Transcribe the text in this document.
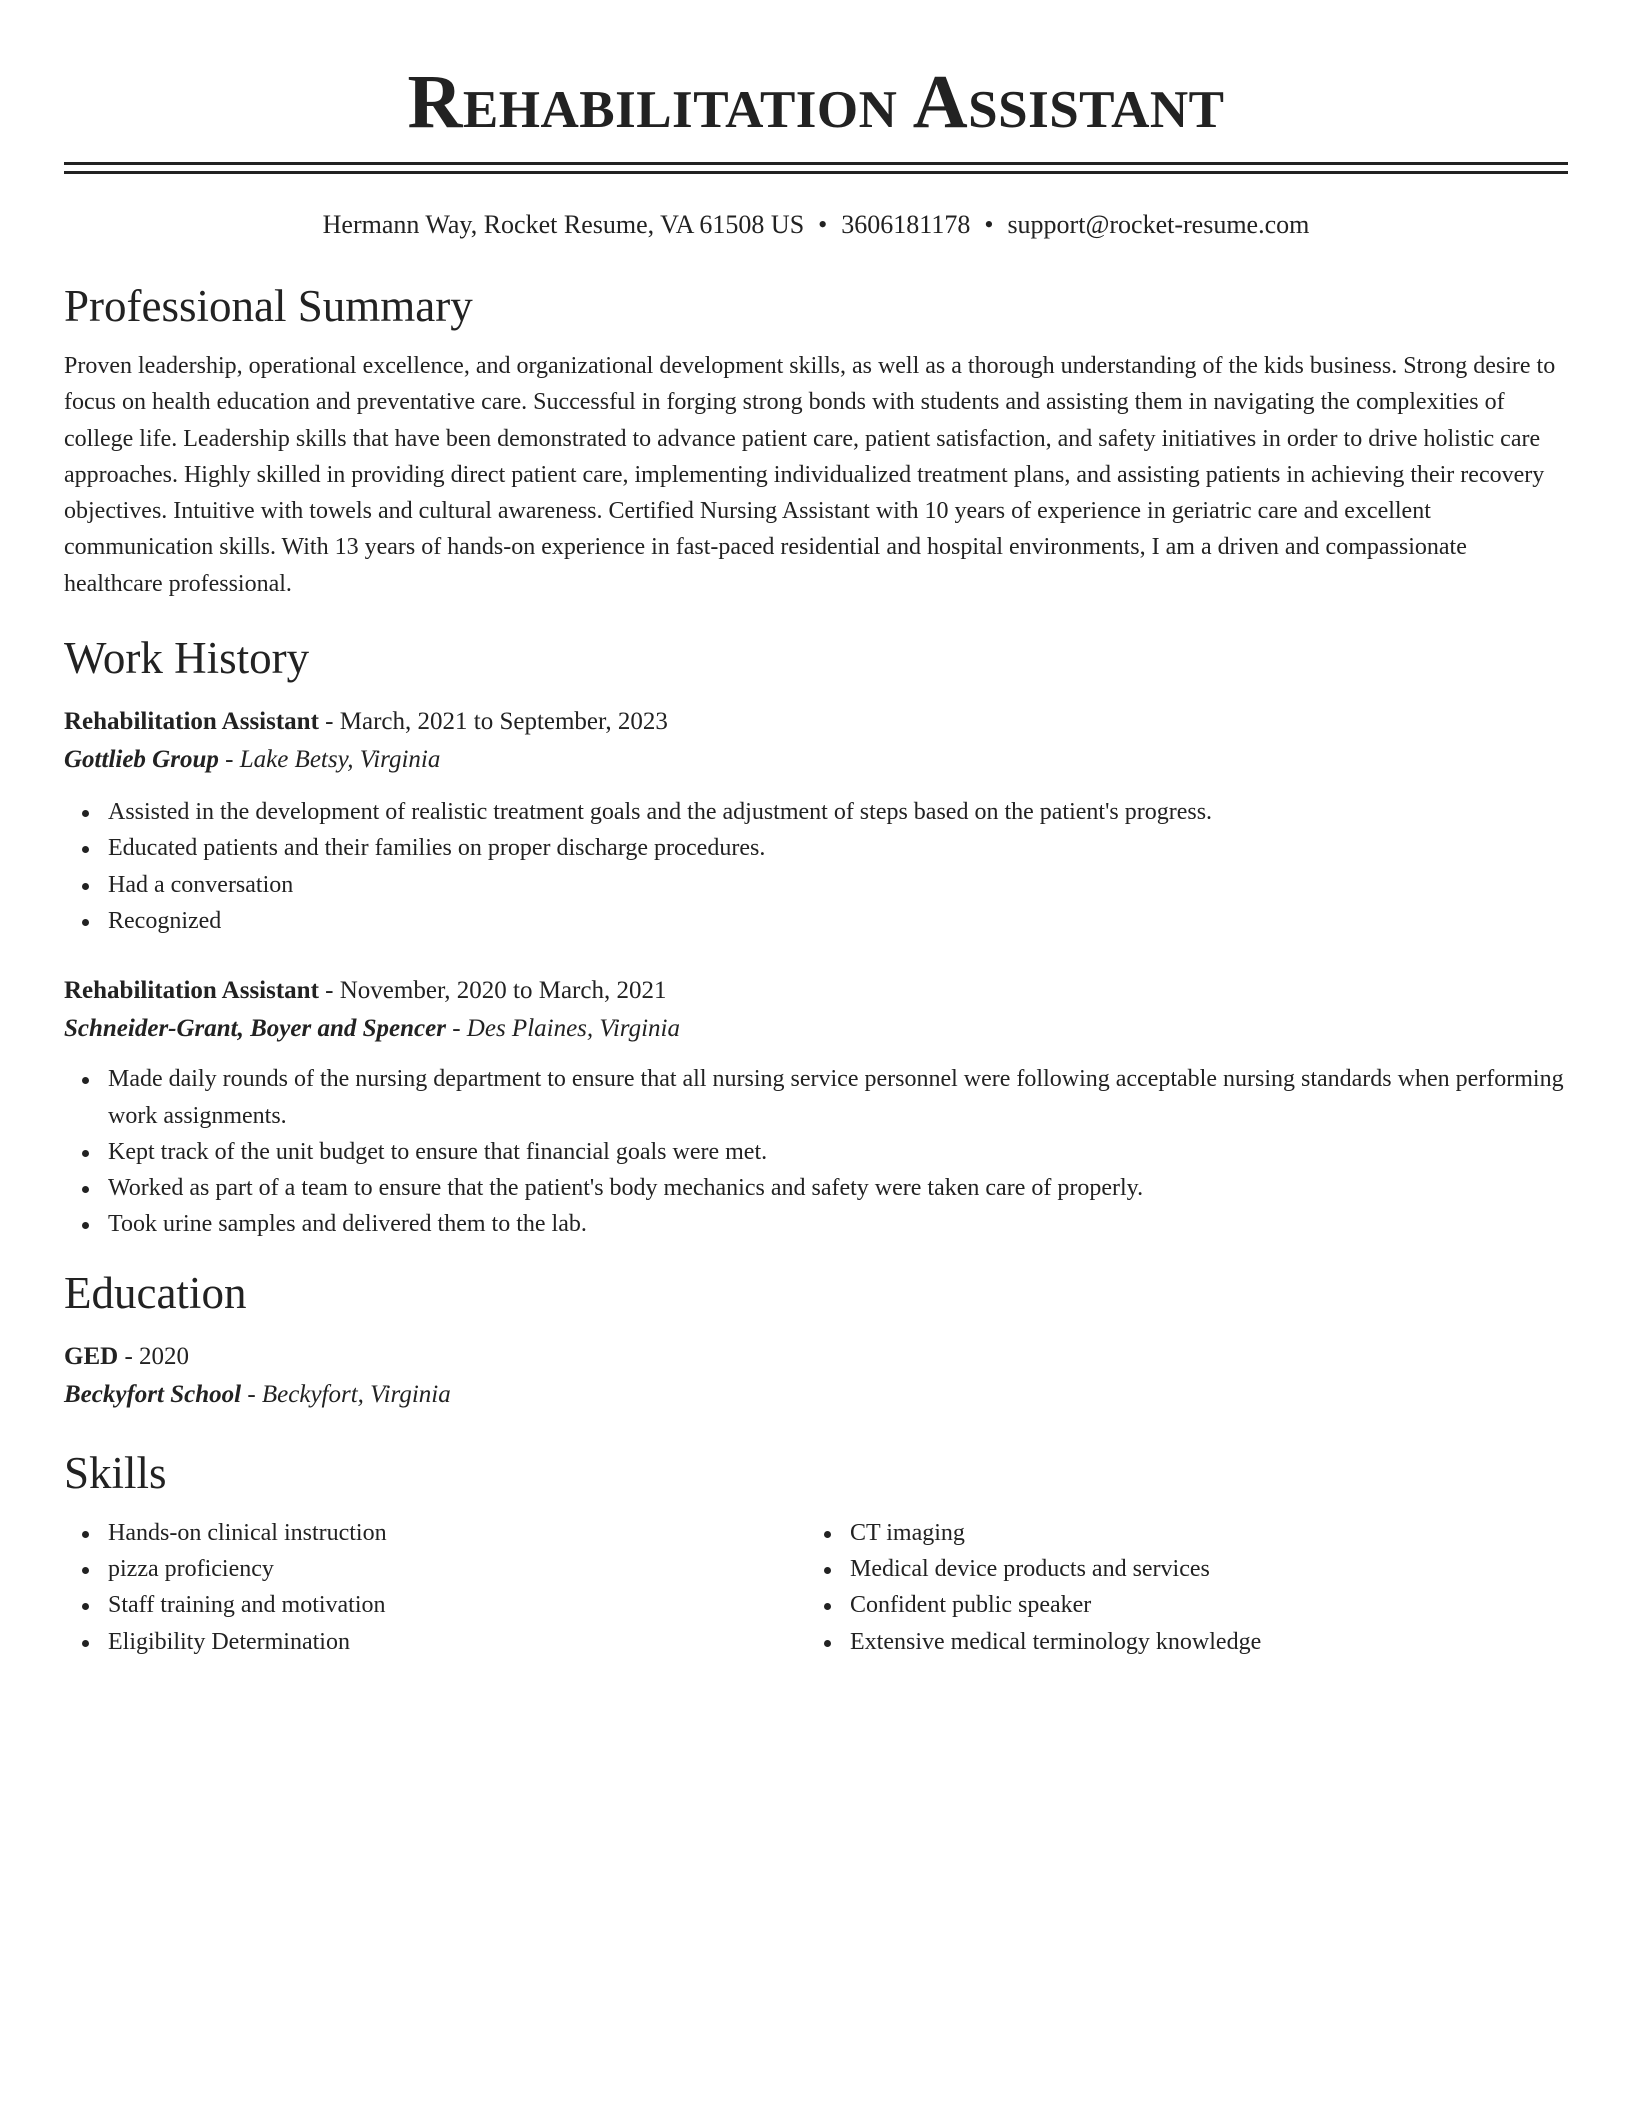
Rehabilitation Assistant
Hermann Way, Rocket Resume, VA 61508 US • 3606181178 • support@rocket-resume.com
Professional Summary

Proven leadership, operational excellence, and organizational development skills, as well as a thorough understanding of the kids business. Strong desire to focus on health education and preventative care. Successful in forging strong bonds with students and assisting them in navigating the complexities of college life. Leadership skills that have been demonstrated to advance patient care, patient satisfaction, and safety initiatives in order to drive holistic care approaches. Highly skilled in providing direct patient care, implementing individualized treatment plans, and assisting patients in achieving their recovery objectives. Intuitive with towels and cultural awareness. Certified Nursing Assistant with 10 years of experience in geriatric care and excellent communication skills. With 13 years of hands-on experience in fast-paced residential and hospital environments, I am a driven and compassionate healthcare professional.

Work History
Rehabilitation Assistant - March, 2021 to September, 2023
Gottlieb Group - Lake Betsy, Virginia
Assisted in the development of realistic treatment goals and the adjustment of steps based on the patient's progress.
Educated patients and their families on proper discharge procedures.
Had a conversation
Recognized
Rehabilitation Assistant - November, 2020 to March, 2021
Schneider-Grant, Boyer and Spencer - Des Plaines, Virginia
Made daily rounds of the nursing department to ensure that all nursing service personnel were following acceptable nursing standards when performing work assignments.
Kept track of the unit budget to ensure that financial goals were met.
Worked as part of a team to ensure that the patient's body mechanics and safety were taken care of properly.
Took urine samples and delivered them to the lab.
Education
GED - 2020
Beckyfort School - Beckyfort, Virginia
Skills
Hands-on clinical instruction
pizza proficiency
Staff training and motivation
Eligibility Determination
CT imaging
Medical device products and services
Confident public speaker
Extensive medical terminology knowledge
